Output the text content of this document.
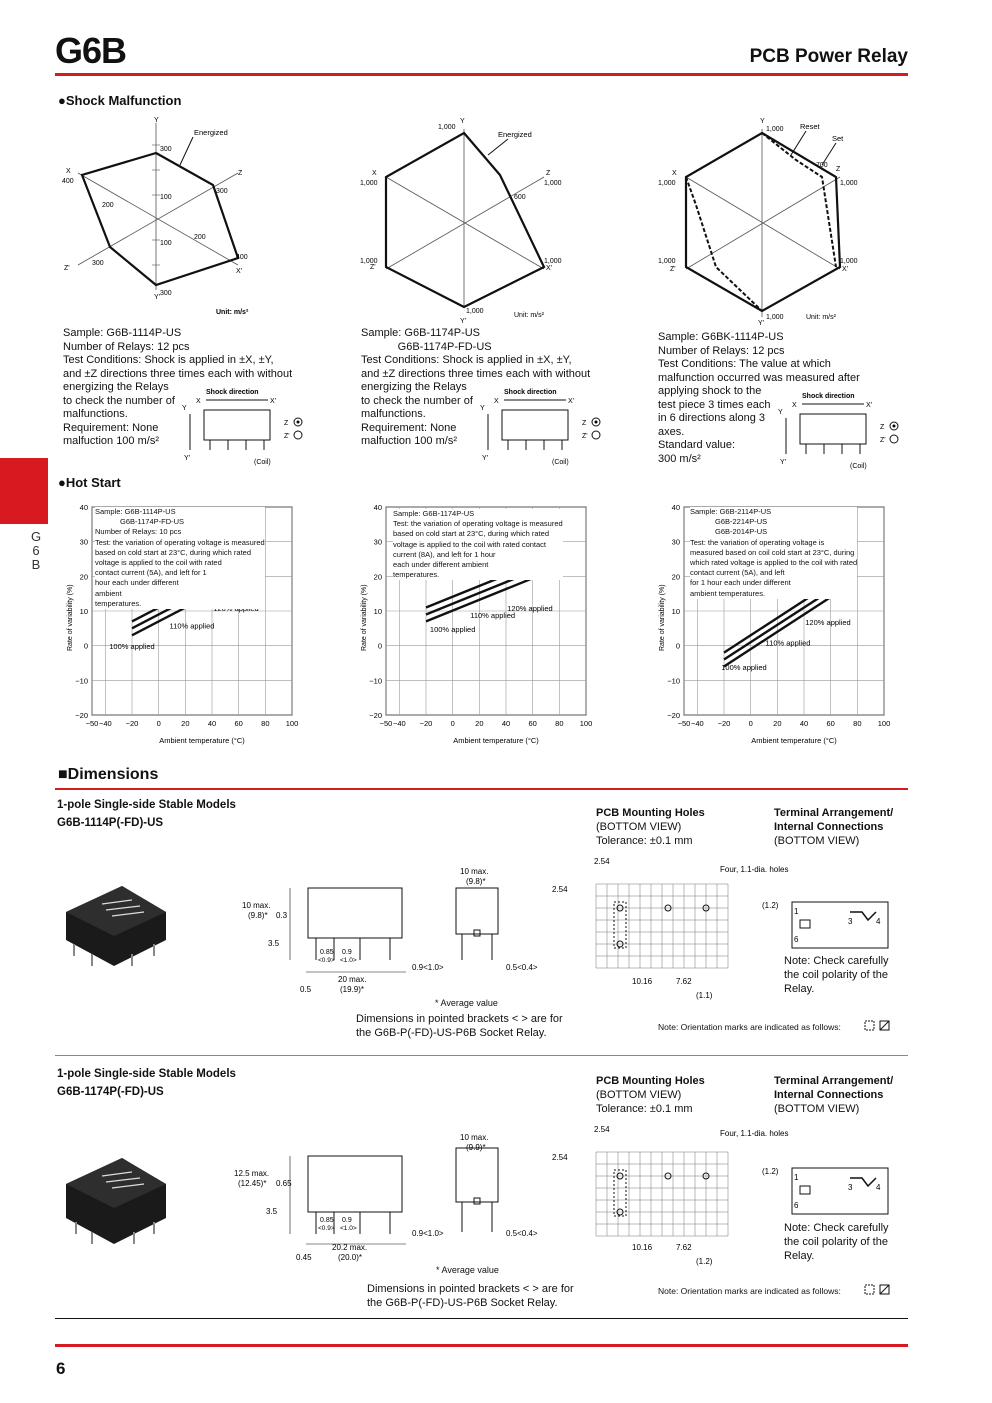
G6B	PCB Power Relay
G
6
B
●Shock Malfunction
Energized
Y
Y'
X
X'
Z
Z'
300
400
200
100
300
400
200
100
300
300
Unit: m/s²
Energized
Y
Y'
X
X'
Z
Z'
1,000
1,000	1,000
1,000	1,000
1,000
600
Unit: m/s²
Reset
Set
Y
Y'
X
X'
Z
Z'
1,000
1,000	1,000
1,000	1,000
1,000
700
Unit: m/s²
Sample: G6B-1114P-US
Number of Relays: 12 pcs
Test Conditions: Shock is applied in ±X, ±Y,
and ±Z directions three times each with without
energizing the Relays
to check the number of
malfunctions.
Requirement: None
malfuction 100 m/s²
Sample: G6B-1174P-US
G6B-1174P-FD-US
Test Conditions: Shock is applied in ±X, ±Y,
and ±Z directions three times each with without
energizing the Relays
to check the number of
malfunctions.
Requirement: None
malfuction 100 m/s²
Sample: G6BK-1114P-US
Number of Relays: 12 pcs
Test Conditions: The value at which
malfunction occurred was measured after
applying shock to the
test piece 3 times each
in 6 directions along 3
axes.
Standard value:
300 m/s²
Shock direction
X	X'
Y
Y'
(Coil)
Z
Z'
Shock direction
X	X'
Y
Y'
(Coil)
Z
Z'
Shock direction
X	X'
Y
Y'
(Coil)
Z
Z'
●Hot Start
−50 −40 −20 0	20 40 60 80 100
40
30
20
10
0
−10
−20
Rate of variability (%)
Ambient temperature (°C)
110% applied
100% applied
−50 −40 −20 0	20 40 60 80 100
40
30
20
10
0
−10
−20
Rate of variability (%)
Ambient temperature (°C)
120% applied
110% applied
100% applied
−50 −40 −20 0	20 40 60 80 100
40
30
20
10
0
−10
−20
Rate of variability (%)
Ambient temperature (°C)
120% applied
110% applied
100% applied
Sample: G6B-1114P-US
G6B-1174P-FD-US
Number of Relays: 10 pcs
Test: the variation of operating voltage is measured
based on cold start at 23°C, during which rated
voltage is applied to the coil with rated
contact current (5A), and left for 1
hour each under different
ambient
temperatures.
Sample: G6B-1174P-US
Test: the variation of operating voltage is measured
based on cold start at 23°C, during which rated
voltage is applied to the coil with rated contact
current (8A), and left for 1 hour
each under different ambient
temperatures.
Sample: G6B-2114P-US
G6B-2214P-US
G6B-2014P-US
Test: the variation of operating voltage is
measured based on coil cold start at 23°C, during
which rated voltage is applied to the coil with rated
contact current (5A), and left
for 1 hour each under different
ambient temperatures.
■Dimensions
1-pole Single-side Stable Models
G6B-1114P(-FD)-US
PCB Mounting Holes
(BOTTOM VIEW)
Tolerance: ±0.1 mm
Terminal Arrangement/
Internal Connections
(BOTTOM VIEW)
10 max.
(9.8)* 0.3
3.5
0.85 0.9
<0.9> <1.0>
20 max.
(19.9)*
0.5
0.9<1.0>
10 max.
(9.8)*
0.5<0.4>
* Average value
Dimensions in pointed brackets < > are for
the G6B-P(-FD)-US-P6B Socket Relay.
2.54
2.54
Four, 1.1-dia. holes
(1.2)
10.16	7.62
(1.1)
1
6
3	4
Note: Check carefully
the coil polarity of the
Relay.
Note: Orientation marks are indicated as follows:
1-pole Single-side Stable Models
G6B-1174P(-FD)-US
PCB Mounting Holes
(BOTTOM VIEW)
Tolerance: ±0.1 mm
Terminal Arrangement/
Internal Connections
(BOTTOM VIEW)
12.5 max.
(12.45)* 0.65
3.5
0.85 0.9
<0.9> <1.0>
20.2 max.
(20.0)*
0.45
0.9<1.0>
10 max.
(9.9)*
0.5<0.4>
* Average value
Dimensions in pointed brackets < > are for
the G6B-P(-FD)-US-P6B Socket Relay.
2.54
2.54
Four, 1.1-dia. holes
(1.2)
10.16	7.62
(1.2)
1
6
3	4
Note: Check carefully
the coil polarity of the
Relay.
Note: Orientation marks are indicated as follows:
6
